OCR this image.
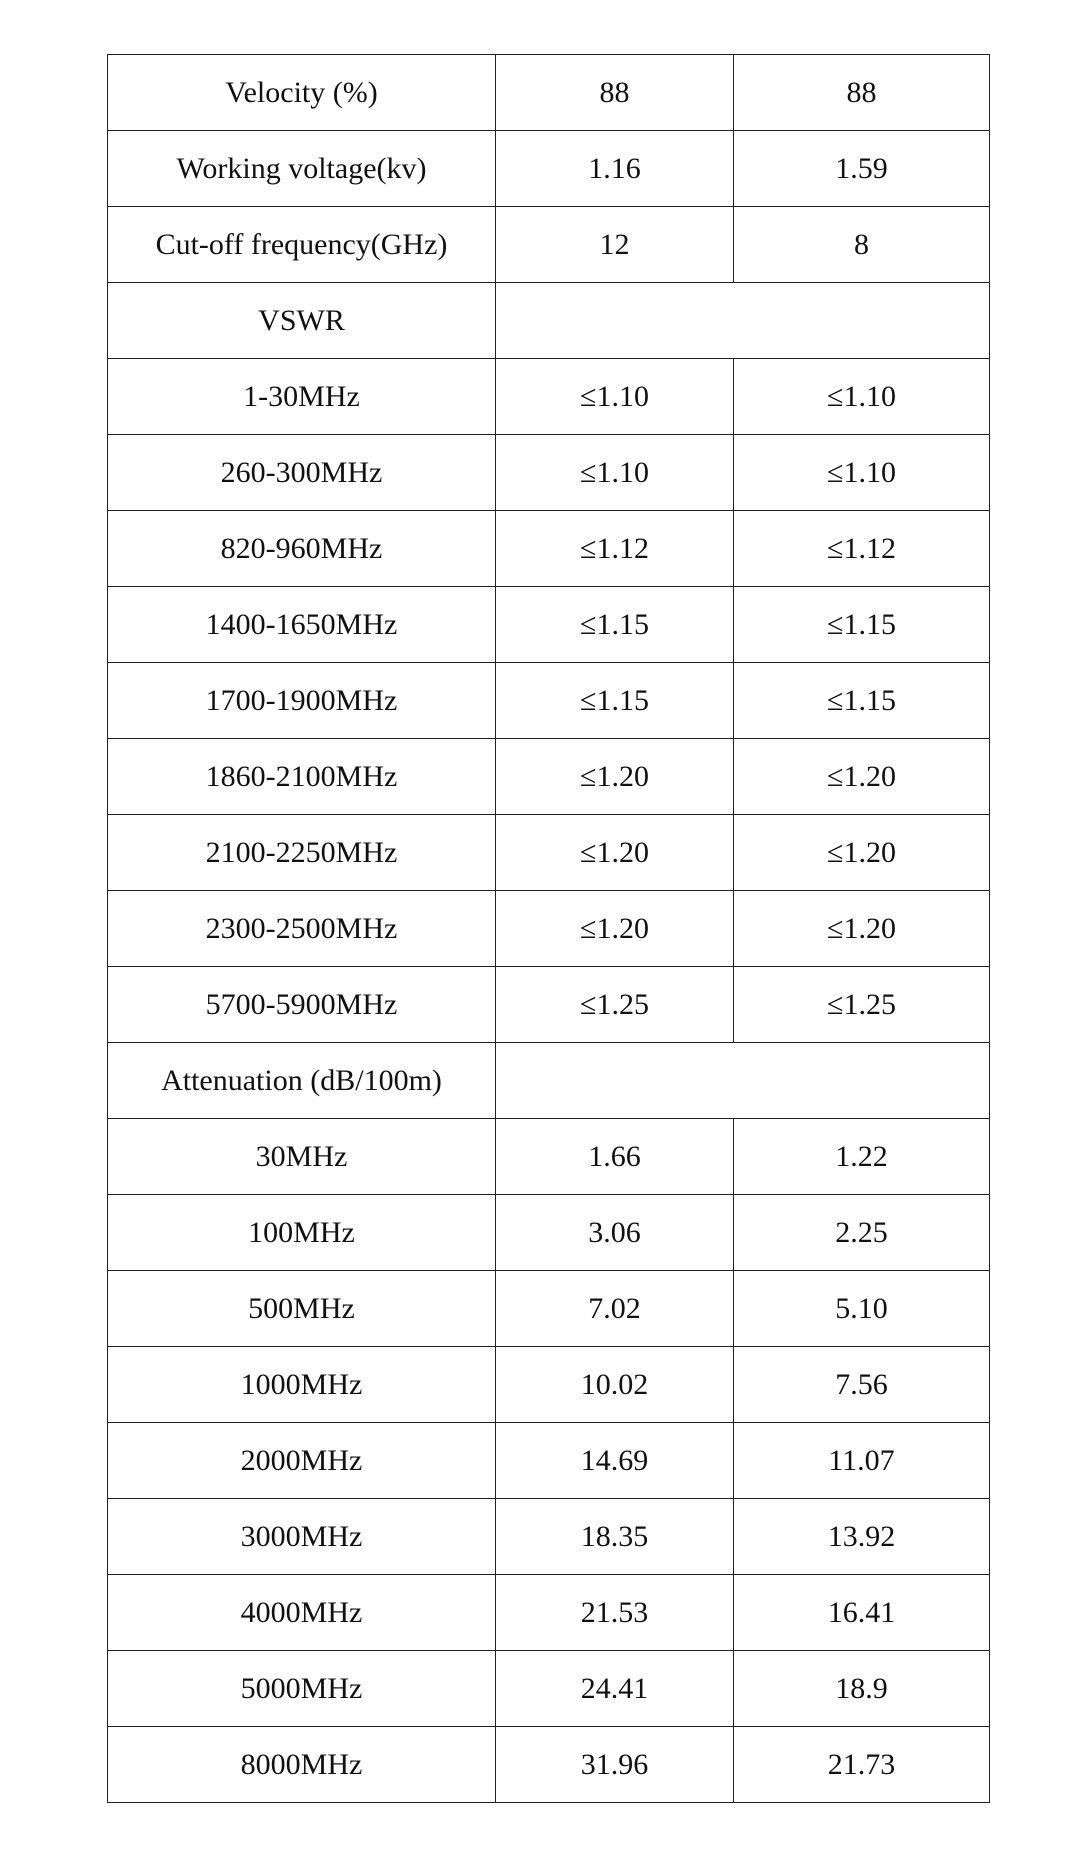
Velocity (%)	88	88
Working voltage(kv)	1.16	1.59
Cut-off frequency(GHz)	12	8
VSWR		
1-30MHz	≤1.10	≤1.10
260-300MHz	≤1.10	≤1.10
820-960MHz	≤1.12	≤1.12
1400-1650MHz	≤1.15	≤1.15
1700-1900MHz	≤1.15	≤1.15
1860-2100MHz	≤1.20	≤1.20
2100-2250MHz	≤1.20	≤1.20
2300-2500MHz	≤1.20	≤1.20
5700-5900MHz	≤1.25	≤1.25
Attenuation (dB/100m)		
30MHz	1.66	1.22
100MHz	3.06	2.25
500MHz	7.02	5.10
1000MHz	10.02	7.56
2000MHz	14.69	11.07
3000MHz	18.35	13.92
4000MHz	21.53	16.41
5000MHz	24.41	18.9
8000MHz	31.96	21.73
